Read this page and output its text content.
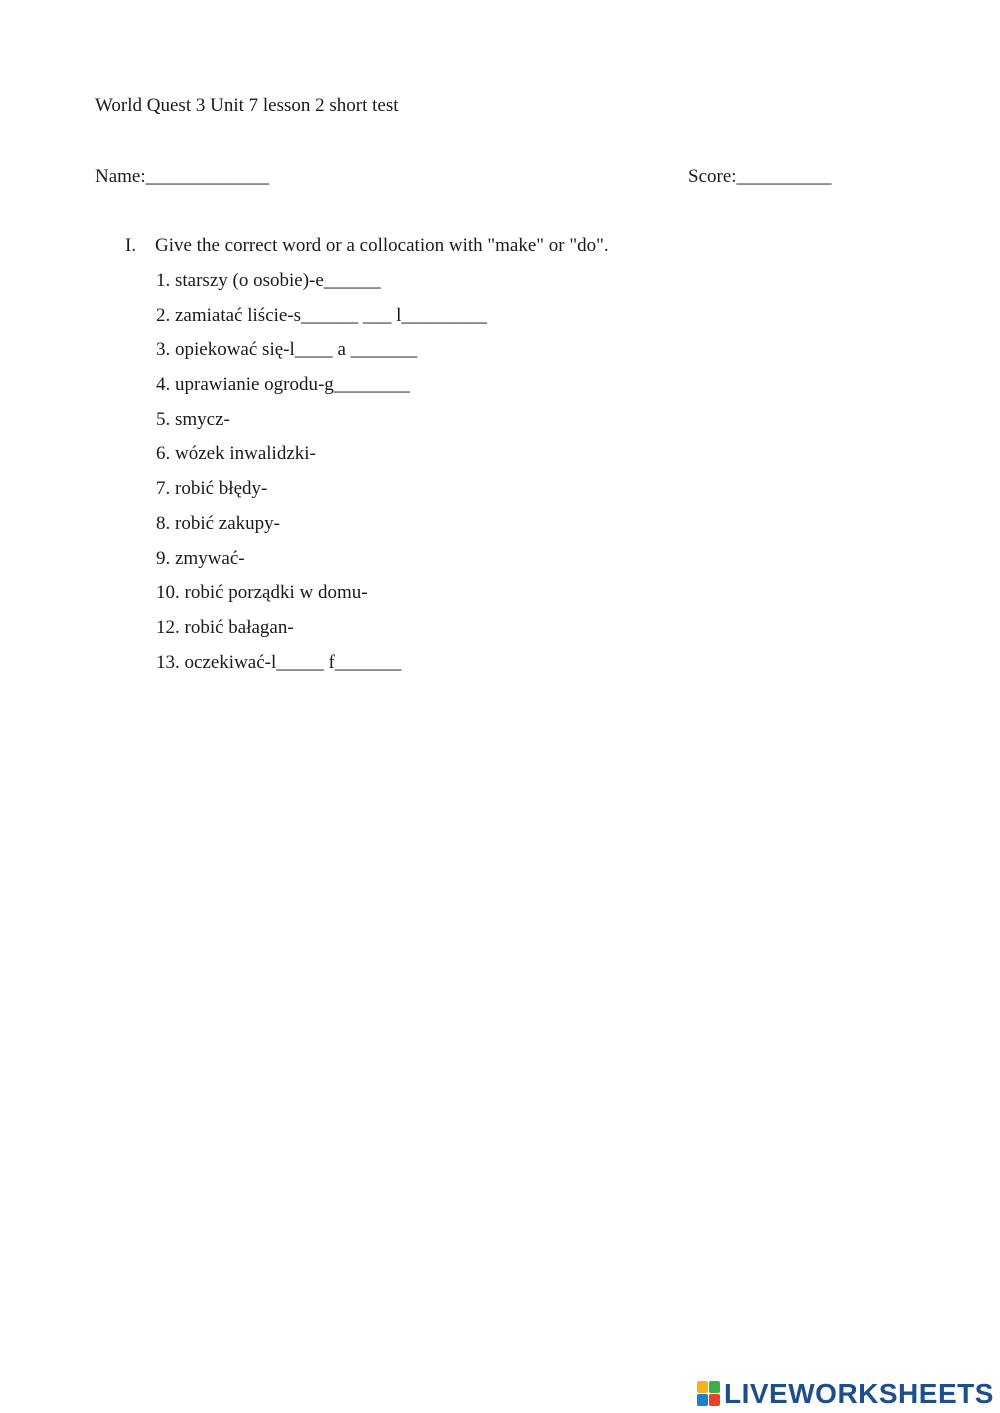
World Quest 3 Unit 7 lesson 2 short test
Name:_____________	Score:__________
I. Give the correct word or a collocation with "make" or "do".
1. starszy (o osobie)-e______
2. zamiatać liście-s______ ___ l_________
3. opiekować się-l____ a _______
4. uprawianie ogrodu-g________
5. smycz-
6. wózek inwalidzki-
7. robić błędy-
8. robić zakupy-
9. zmywać-
10. robić porządki w domu-
12. robić bałagan-
13. oczekiwać-l_____ f_______
LIVEWORKSHEETS
